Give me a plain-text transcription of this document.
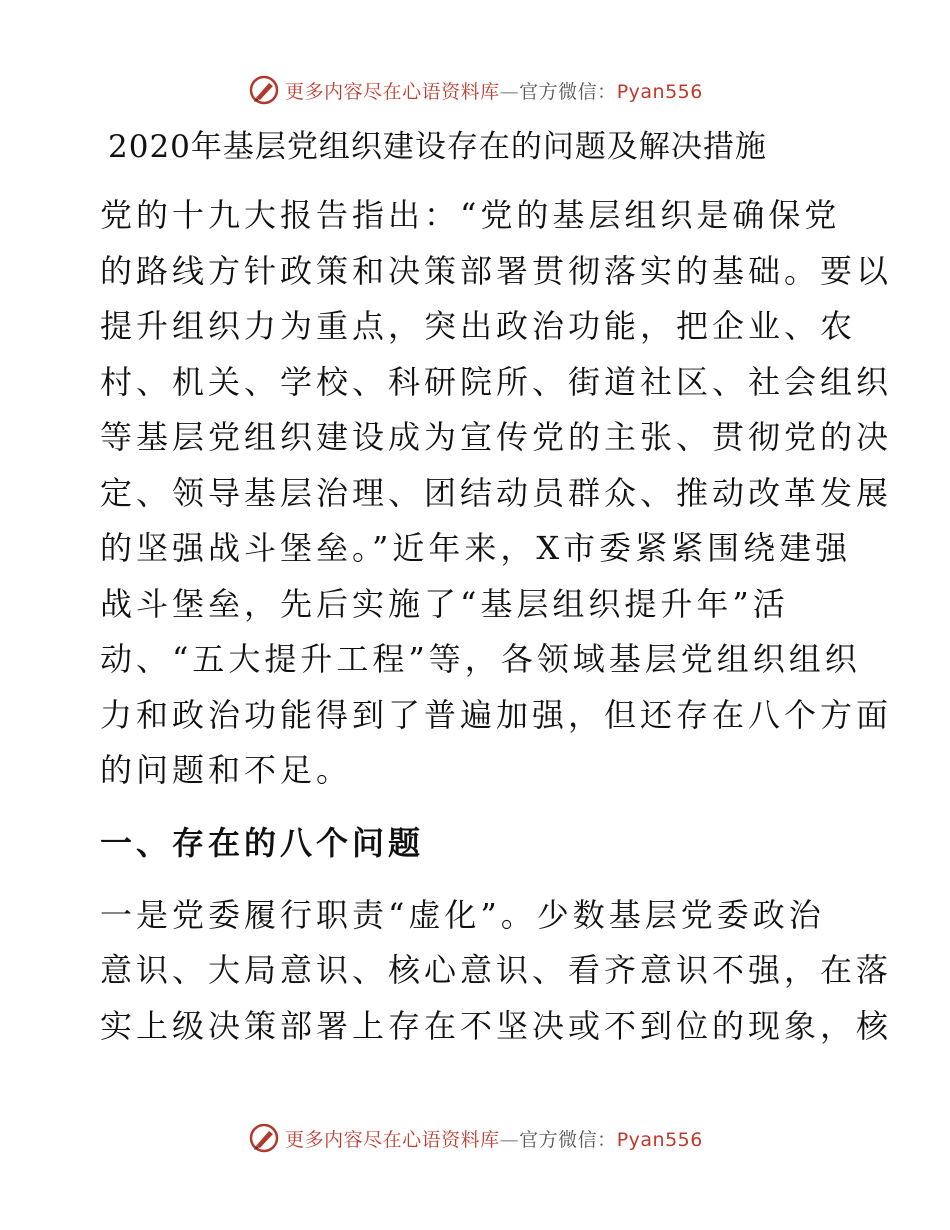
更多内容尽在心语资料库—官方微信：Pyan556
2020年基层党组织建设存在的问题及解决措施

党的十九大报告指出：“党的基层组织是确保党
的路线方针政策和决策部署贯彻落实的基础。要以
提升组织力为重点，突出政治功能，把企业、农
村、机关、学校、科研院所、街道社区、社会组织
等基层党组织建设成为宣传党的主张、贯彻党的决
定、领导基层治理、团结动员群众、推动改革发展
的坚强战斗堡垒。”近年来，X市委紧紧围绕建强
战斗堡垒，先后实施了“基层组织提升年”活
动、“五大提升工程”等，各领域基层党组织组织
力和政治功能得到了普遍加强，但还存在八个方面
的问题和不足。

一、存在的八个问题

一是党委履行职责“虚化”。少数基层党委政治
意识、大局意识、核心意识、看齐意识不强，在落
实上级决策部署上存在不坚决或不到位的现象，核

更多内容尽在心语资料库—官方微信：Pyan556
